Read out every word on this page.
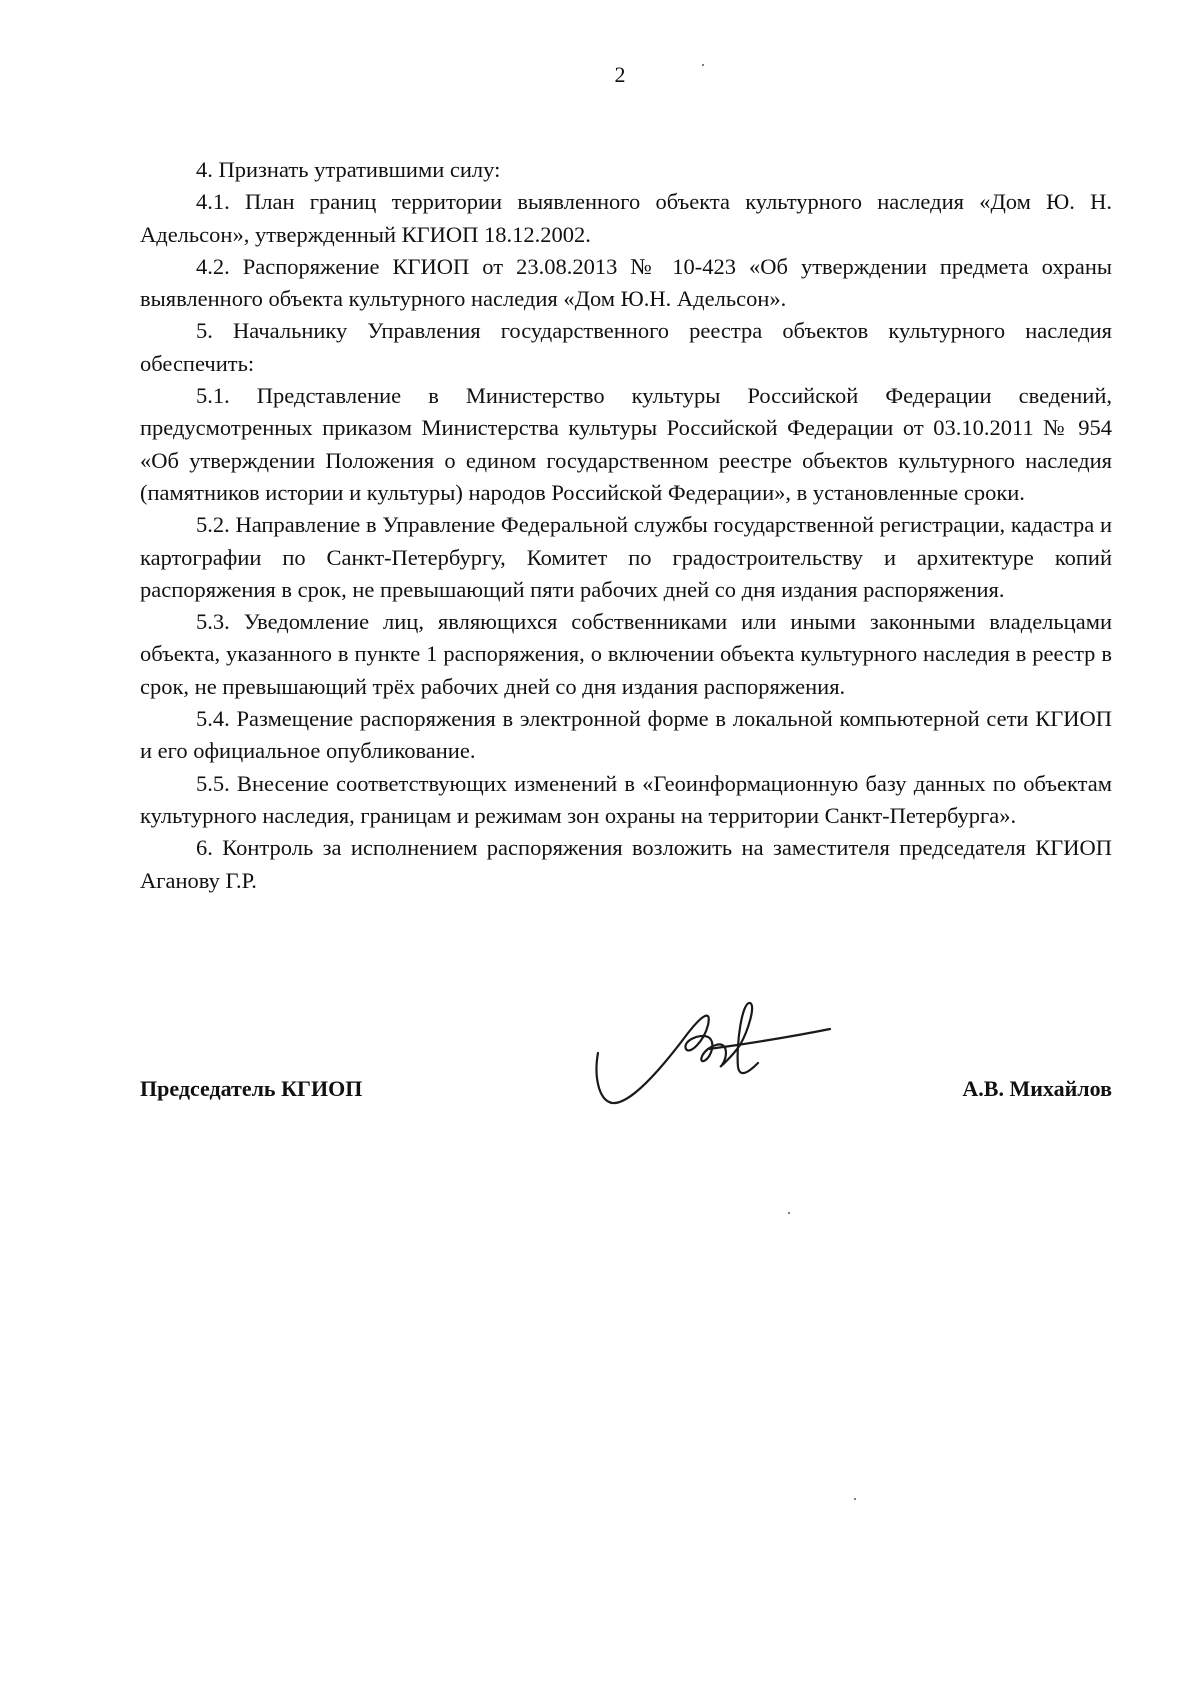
2

4. Признать утратившими силу:

4.1. План границ территории выявленного объекта культурного наследия «Дом Ю. Н. Адельсон», утвержденный КГИОП 18.12.2002.

4.2. Распоряжение КГИОП от 23.08.2013 № 10-423 «Об утверждении предмета охраны выявленного объекта культурного наследия «Дом Ю.Н. Адельсон».

5. Начальнику Управления государственного реестра объектов культурного наследия обеспечить:

5.1. Представление в Министерство культуры Российской Федерации сведений, предусмотренных приказом Министерства культуры Российской Федерации от 03.10.2011 № 954 «Об утверждении Положения о едином государственном реестре объектов культурного наследия (памятников истории и культуры) народов Российской Федерации», в установленные сроки.

5.2. Направление в Управление Федеральной службы государственной регистрации, кадастра и картографии по Санкт-Петербургу, Комитет по градостроительству и архитектуре копий распоряжения в срок, не превышающий пяти рабочих дней со дня издания распоряжения.

5.3. Уведомление лиц, являющихся собственниками или иными законными владельцами объекта, указанного в пункте 1 распоряжения, о включении объекта культурного наследия в реестр в срок, не превышающий трёх рабочих дней со дня издания распоряжения.

5.4. Размещение распоряжения в электронной форме в локальной компьютерной сети КГИОП и его официальное опубликование.

5.5. Внесение соответствующих изменений в «Геоинформационную базу данных по объектам культурного наследия, границам и режимам зон охраны на территории Санкт-Петербурга».

6. Контроль за исполнением распоряжения возложить на заместителя председателя КГИОП Аганову Г.Р.

Председатель КГИОП	А.В. Михайлов
